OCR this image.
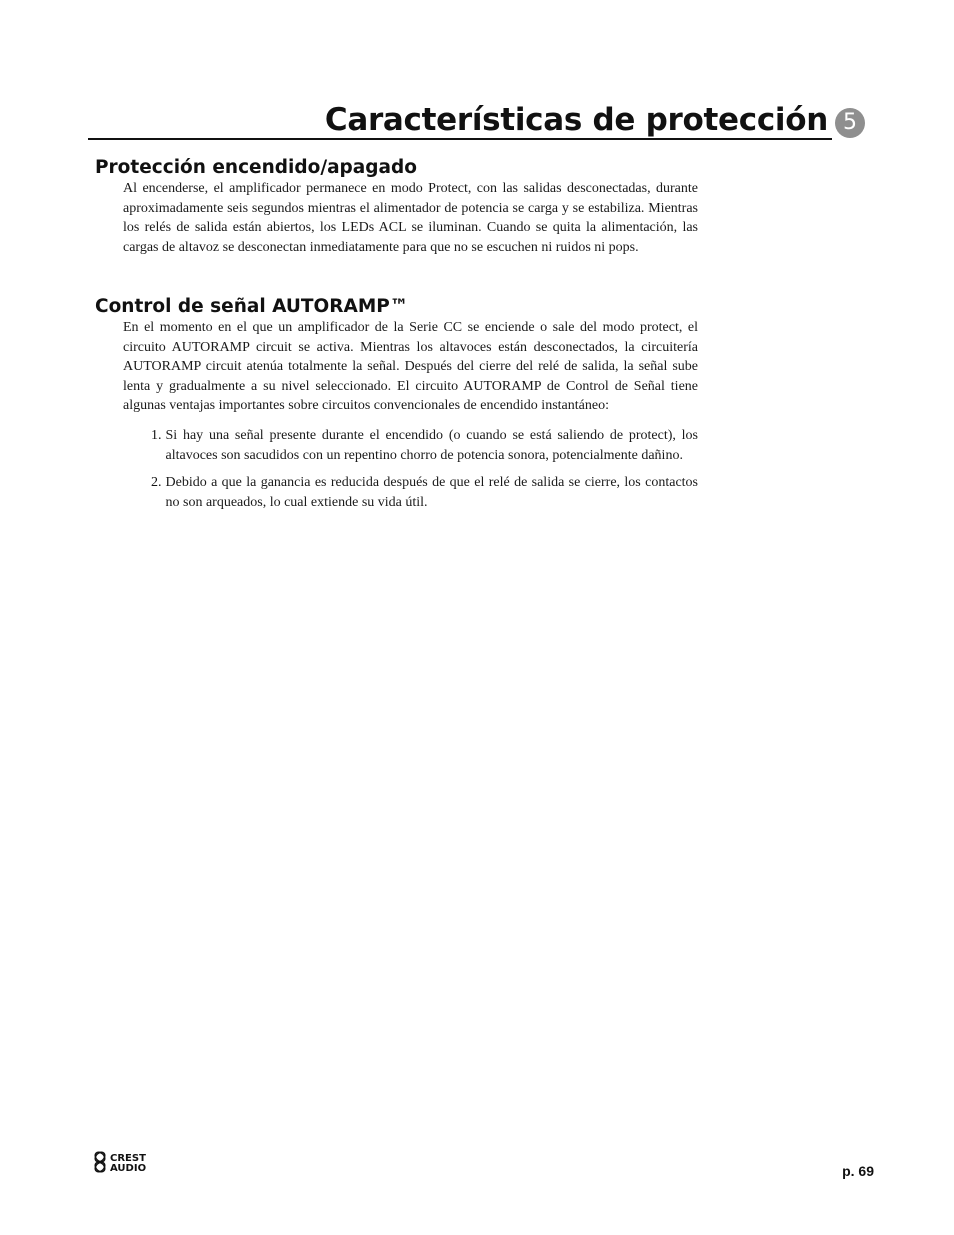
Características de protección 5
Protección encendido/apagado

Al encenderse, el amplificador permanece en modo Protect, con las salidas desconectadas, durante aproximadamente seis segundos mientras el alimentador de potencia se carga y se estabiliza. Mientras los relés de salida están abiertos, los LEDs ACL se iluminan. Cuando se quita la alimentación, las cargas de altavoz se desconectan inmediatamente para que no se escuchen ni ruidos ni pops.

Control de señal AUTORAMP™

En el momento en el que un amplificador de la Serie CC se enciende o sale del modo protect, el circuito AUTORAMP circuit se activa. Mientras los altavoces están desconectados, la circuitería AUTORAMP circuit atenúa totalmente la señal. Después del cierre del relé de salida, la señal sube lenta y gradualmente a su nivel seleccionado. El circuito AUTORAMP de Control de Señal tiene algunas ventajas importantes sobre circuitos convencionales de encendido instantáneo:

1. Si hay una señal presente durante el encendido (o cuando se está saliendo de protect), los altavoces son sacudidos con un repentino chorro de potencia sonora, potencialmente dañino.
2. Debido a que la ganancia es reducida después de que el relé de salida se cierre, los contactos no son arqueados, lo cual extiende su vida útil.
CREST
AUDIO	p. 69
